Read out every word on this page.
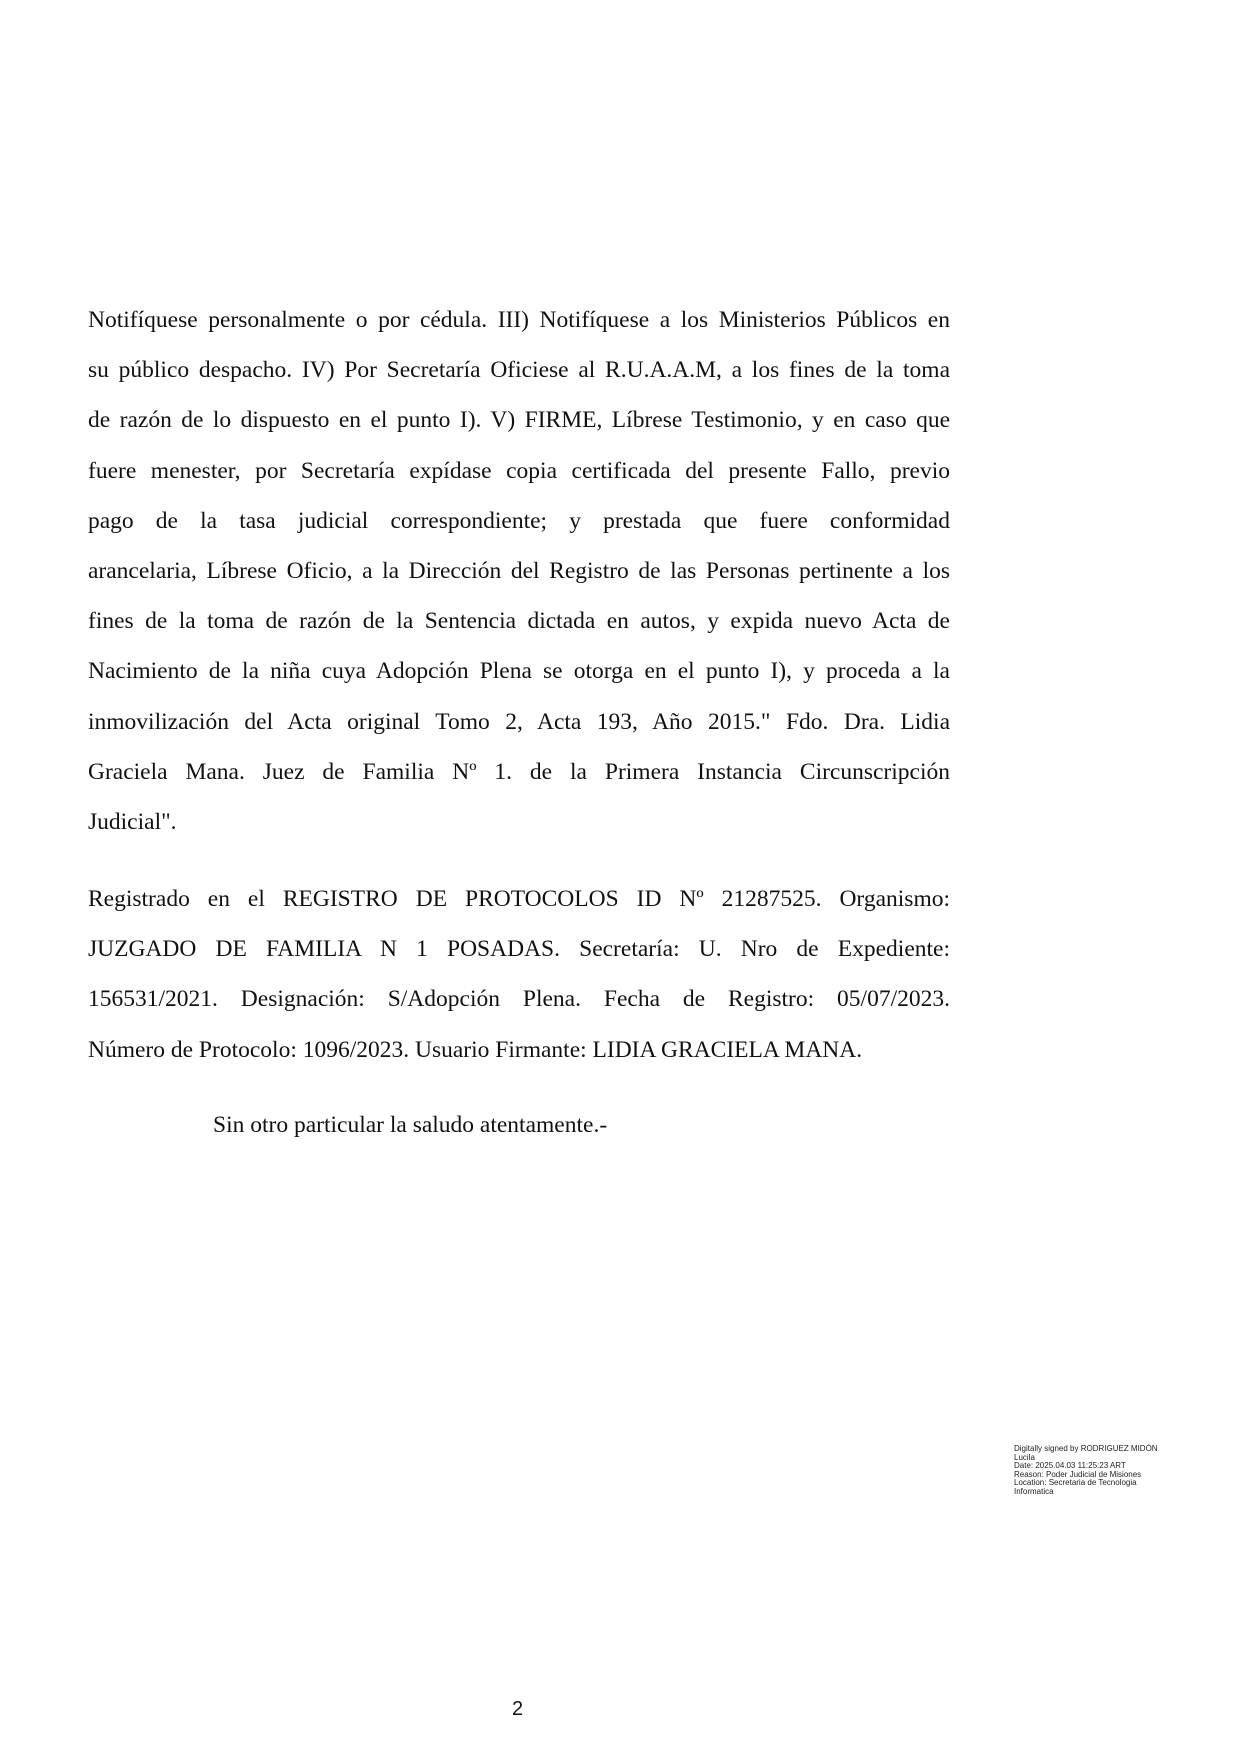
Notifíquese personalmente o por cédula. III) Notifíquese a los Ministerios Públicos en
su público despacho. IV) Por Secretaría Oficiese al R.U.A.A.M, a los fines de la toma
de razón de lo dispuesto en el punto I). V) FIRME, Líbrese Testimonio, y en caso que
fuere menester, por Secretaría expídase copia certificada del presente Fallo, previo
pago de la tasa judicial correspondiente; y prestada que fuere conformidad
arancelaria, Líbrese Oficio, a la Dirección del Registro de las Personas pertinente a los
fines de la toma de razón de la Sentencia dictada en autos, y expida nuevo Acta de
Nacimiento de la niña cuya Adopción Plena se otorga en el punto I), y proceda a la
inmovilización del Acta original Tomo 2, Acta 193, Año 2015." Fdo. Dra. Lidia
Graciela Mana. Juez de Familia Nº 1. de la Primera Instancia Circunscripción
Judicial".
Registrado en el REGISTRO DE PROTOCOLOS ID Nº 21287525. Organismo:
JUZGADO DE FAMILIA N 1 POSADAS. Secretaría: U. Nro de Expediente:
156531/2021. Designación: S/Adopción Plena. Fecha de Registro: 05/07/2023.
Número de Protocolo: 1096/2023. Usuario Firmante: LIDIA GRACIELA MANA.
Sin otro particular la saludo atentamente.-
Digitally signed by RODRIGUEZ MIDÓN
Lucila
Date: 2025.04.03 11:25:23 ART
Reason: Poder Judicial de Misiones
Location: Secretaria de Tecnologia
Informatica
2
